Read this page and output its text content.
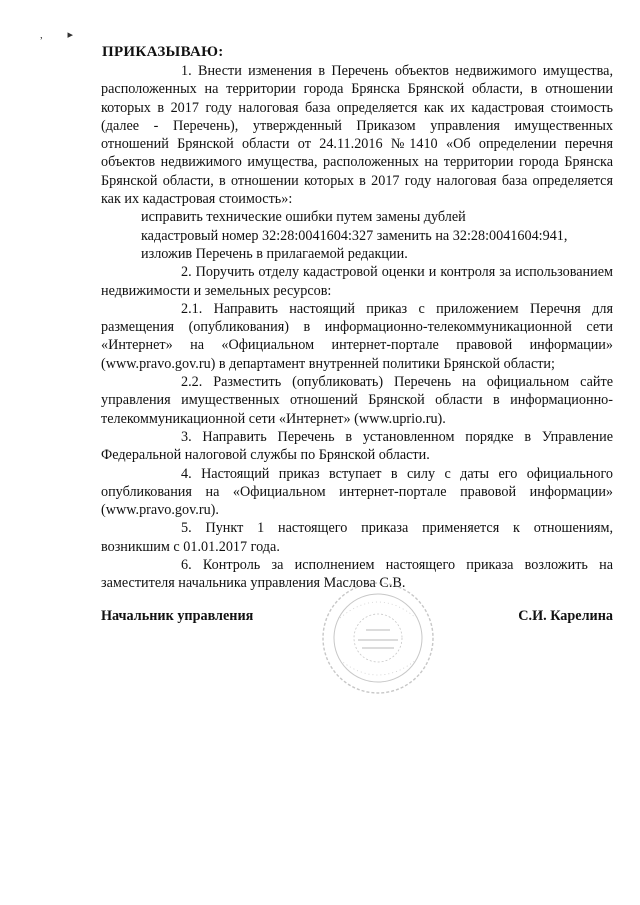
, ▸
ПРИКАЗЫВАЮ:

1. Внести изменения в Перечень объектов недвижимого имущества, расположенных на территории города Брянска Брянской области, в отношении которых в 2017 году налоговая база определяется как их кадастровая стоимость (далее - Перечень), утвержденный Приказом управления имущественных отношений Брянской области от 24.11.2016 №1410 «Об определении перечня объектов недвижимого имущества, расположенных на территории города Брянска Брянской области, в отношении которых в 2017 году налоговая база определяется как их кадастровая стоимость»:

исправить технические ошибки путем замены дублей

кадастровый номер 32:28:0041604:327 заменить на 32:28:0041604:941,

изложив Перечень в прилагаемой редакции.

2. Поручить отделу кадастровой оценки и контроля за использованием недвижимости и земельных ресурсов:

2.1. Направить настоящий приказ с приложением Перечня для размещения (опубликования) в информационно-телекоммуникационной сети «Интернет» на «Официальном интернет-портале правовой информации» (www.pravo.gov.ru) в департамент внутренней политики Брянской области;

2.2. Разместить (опубликовать) Перечень на официальном сайте управления имущественных отношений Брянской области в информационно-телекоммуникационной сети «Интернет» (www.uprio.ru).

3. Направить Перечень в установленном порядке в Управление Федеральной налоговой службы по Брянской области.

4. Настоящий приказ вступает в силу с даты его официального опубликования на «Официальном интернет-портале правовой информации» (www.pravo.gov.ru).

5. Пункт 1 настоящего приказа применяется к отношениям, возникшим с 01.01.2017 года.

6. Контроль за исполнением настоящего приказа возложить на заместителя начальника управления Маслова С.В.

Начальник управления	С.И. Карелина
